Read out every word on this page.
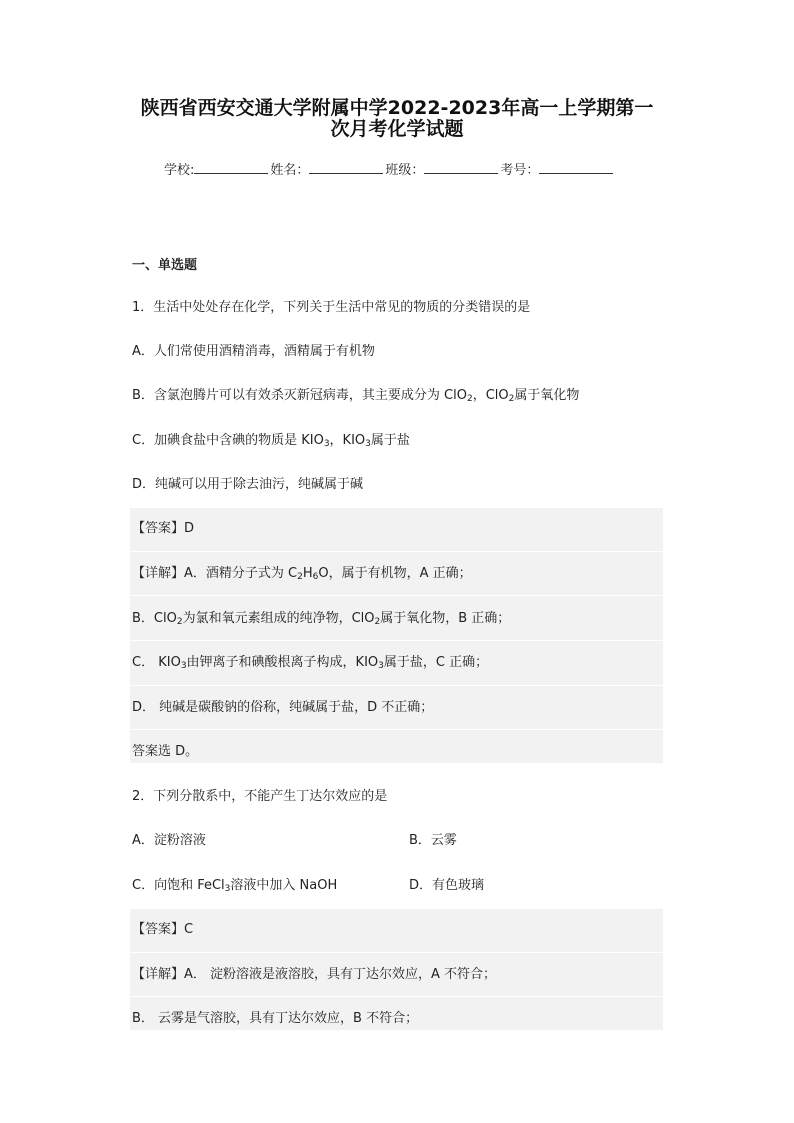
陕西省西安交通大学附属中学2022-2023年高一上学期第一
次月考化学试题
学校:	姓名：	班级：	考号：
一、单选题
1．生活中处处存在化学，下列关于生活中常见的物质的分类错误的是
A．人们常使用酒精消毒，酒精属于有机物
B．含氯泡腾片可以有效杀灭新冠病毒，其主要成分为 ClO$_2$，ClO$_2$属于氧化物
C．加碘食盐中含碘的物质是 $KIO_3$，$KIO_3$属于盐
D．纯碱可以用于除去油污，纯碱属于碱
【答案】D
【详解】A．酒精分子式为 $C_2H_6O$，属于有机物，A 正确；
B．ClO$_2$为氯和氧元素组成的纯净物，ClO$_2$属于氧化物，B 正确；
C． $KIO_3$由钾离子和碘酸根离子构成，$KIO_3$属于盐，C 正确；
D． 纯碱是碳酸钠的俗称，纯碱属于盐，D 不正确；
答案选 D。
2．下列分散系中，不能产生丁达尔效应的是
A．淀粉溶液	B．云雾
C．向饱和 FeCl$_3$溶液中加入 NaOH	D．有色玻璃
【答案】C
【详解】A． 淀粉溶液是液溶胶，具有丁达尔效应，A 不符合；
B． 云雾是气溶胶，具有丁达尔效应，B 不符合；
